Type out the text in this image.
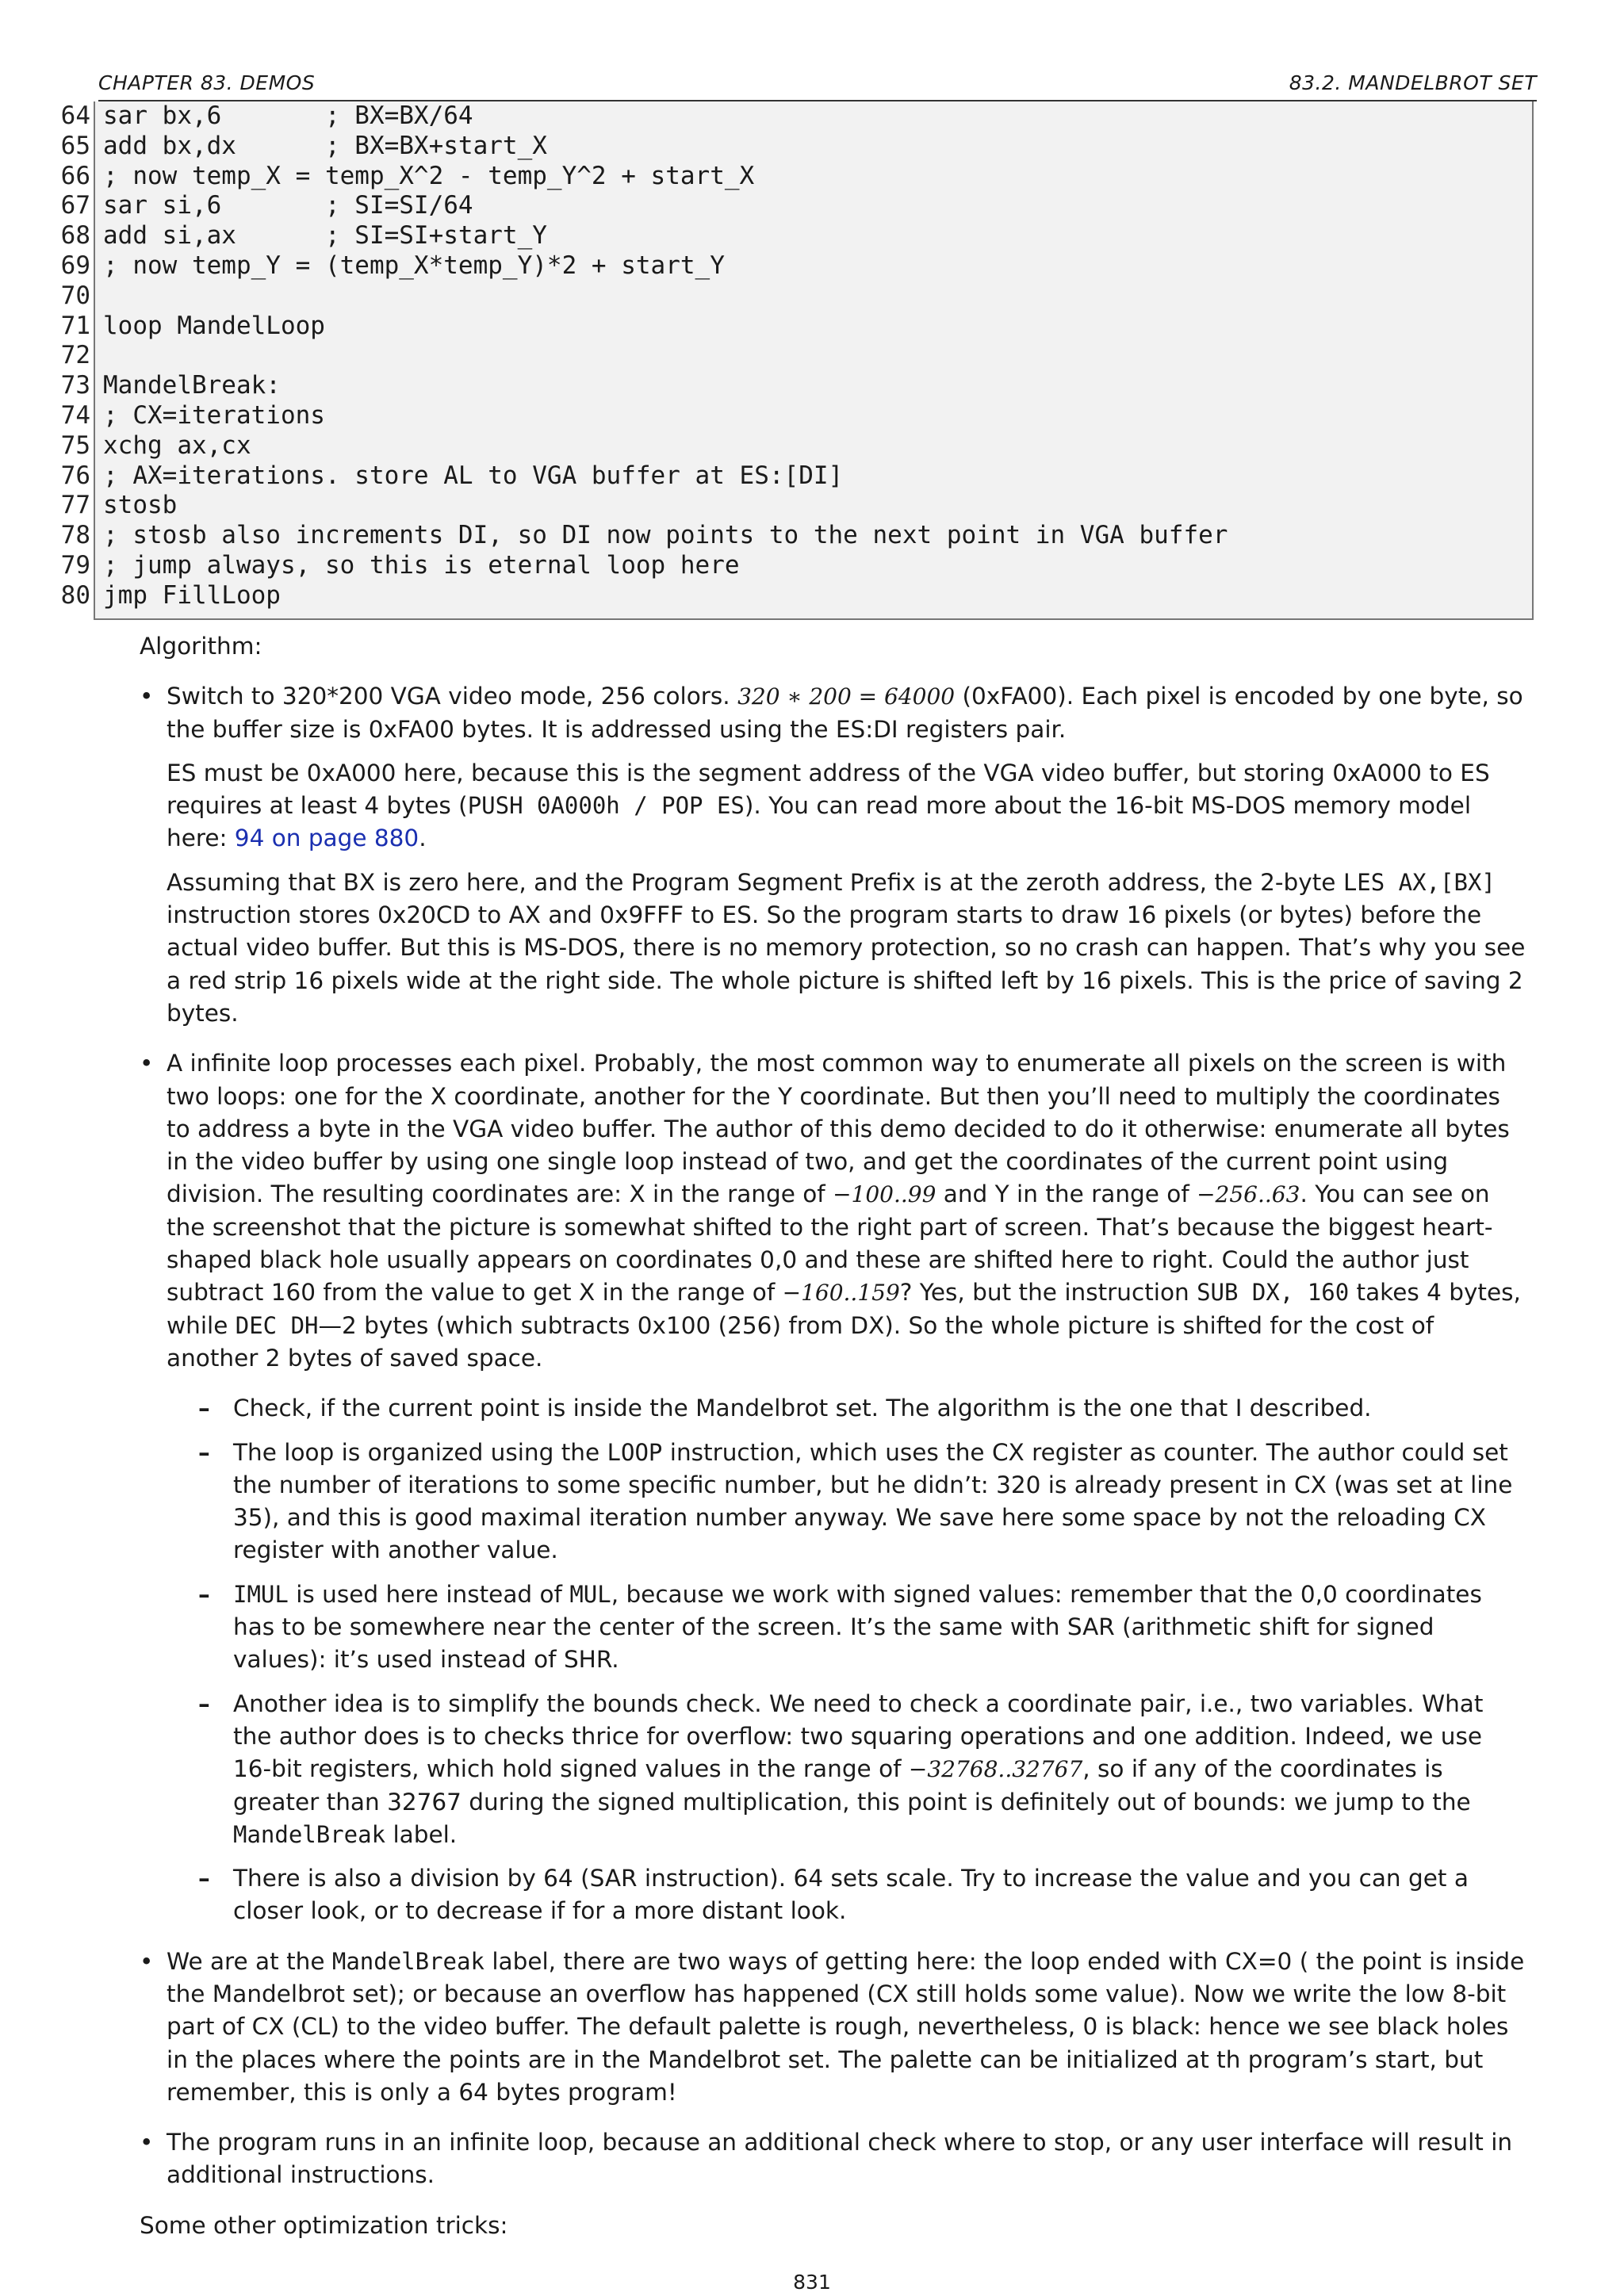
CHAPTER 83. DEMOS	83.2. MANDELBROT SET
64
65
66
67
68
69
70
71
72
73
74
75
76
77
78
79
80
sar bx,6       ; BX=BX/64
add bx,dx      ; BX=BX+start_X
; now temp_X = temp_X^2 - temp_Y^2 + start_X
sar si,6       ; SI=SI/64
add si,ax      ; SI=SI+start_Y
; now temp_Y = (temp_X*temp_Y)*2 + start_Y
loop MandelLoop
MandelBreak:
; CX=iterations
xchg ax,cx
; AX=iterations. store AL to VGA buffer at ES:[DI]
stosb
; stosb also increments DI, so DI now points to the next point in VGA buffer
; jump always, so this is eternal loop here
jmp FillLoop

Algorithm:

• Switch to 320*200 VGA video mode, 256 colors. 320 ∗ 200 = 64000 (0xFA00). Each pixel is encoded by one byte, so the buffer size is 0xFA00 bytes. It is addressed using the ES:DI registers pair.

ES must be 0xA000 here, because this is the segment address of the VGA video buffer, but storing 0xA000 to ES requires at least 4 bytes (PUSH 0A000h / POP ES). You can read more about the 16-bit MS-DOS memory model here: 94 on page 880.

Assuming that BX is zero here, and the Program Segment Prefix is at the zeroth address, the 2-byte LES AX,[BX] instruction stores 0x20CD to AX and 0x9FFF to ES. So the program starts to draw 16 pixels (or bytes) before the actual video buffer. But this is MS-DOS, there is no memory protection, so no crash can happen. That’s why you see a red strip 16 pixels wide at the right side. The whole picture is shifted left by 16 pixels. This is the price of saving 2 bytes.

• A infinite loop processes each pixel. Probably, the most common way to enumerate all pixels on the screen is with two loops: one for the X coordinate, another for the Y coordinate. But then you’ll need to multiply the coordinates to address a byte in the VGA video buffer. The author of this demo decided to do it otherwise: enumerate all bytes in the video buffer by using one single loop instead of two, and get the coordinates of the current point using division. The resulting coordinates are: X in the range of −100..99 and Y in the range of −256..63. You can see on the screenshot that the picture is somewhat shifted to the right part of screen. That’s because the biggest heart-shaped black hole usually appears on coordinates 0,0 and these are shifted here to right. Could the author just subtract 160 from the value to get X in the range of −160..159? Yes, but the instruction SUB DX, 160 takes 4 bytes, while DEC DH—2 bytes (which subtracts 0x100 (256) from DX). So the whole picture is shifted for the cost of another 2 bytes of saved space.

– Check, if the current point is inside the Mandelbrot set. The algorithm is the one that I described.
– The loop is organized using the LOOP instruction, which uses the CX register as counter. The author could set the number of iterations to some specific number, but he didn’t: 320 is already present in CX (was set at line 35), and this is good maximal iteration number anyway. We save here some space by not the reloading CX register with another value.
– IMUL is used here instead of MUL, because we work with signed values: remember that the 0,0 coordinates has to be somewhere near the center of the screen. It’s the same with SAR (arithmetic shift for signed values): it’s used instead of SHR.
– Another idea is to simplify the bounds check. We need to check a coordinate pair, i.e., two variables. What the author does is to checks thrice for overflow: two squaring operations and one addition. Indeed, we use 16-bit registers, which hold signed values in the range of −32768..32767, so if any of the coordinates is greater than 32767 during the signed multiplication, this point is definitely out of bounds: we jump to the MandelBreak label.
– There is also a division by 64 (SAR instruction). 64 sets scale. Try to increase the value and you can get a closer look, or to decrease if for a more distant look.

• We are at the MandelBreak label, there are two ways of getting here: the loop ended with CX=0 ( the point is inside the Mandelbrot set); or because an overflow has happened (CX still holds some value). Now we write the low 8-bit part of CX (CL) to the video buffer. The default palette is rough, nevertheless, 0 is black: hence we see black holes in the places where the points are in the Mandelbrot set. The palette can be initialized at th program’s start, but remember, this is only a 64 bytes program!

• The program runs in an infinite loop, because an additional check where to stop, or any user interface will result in additional instructions.

Some other optimization tricks:

831
